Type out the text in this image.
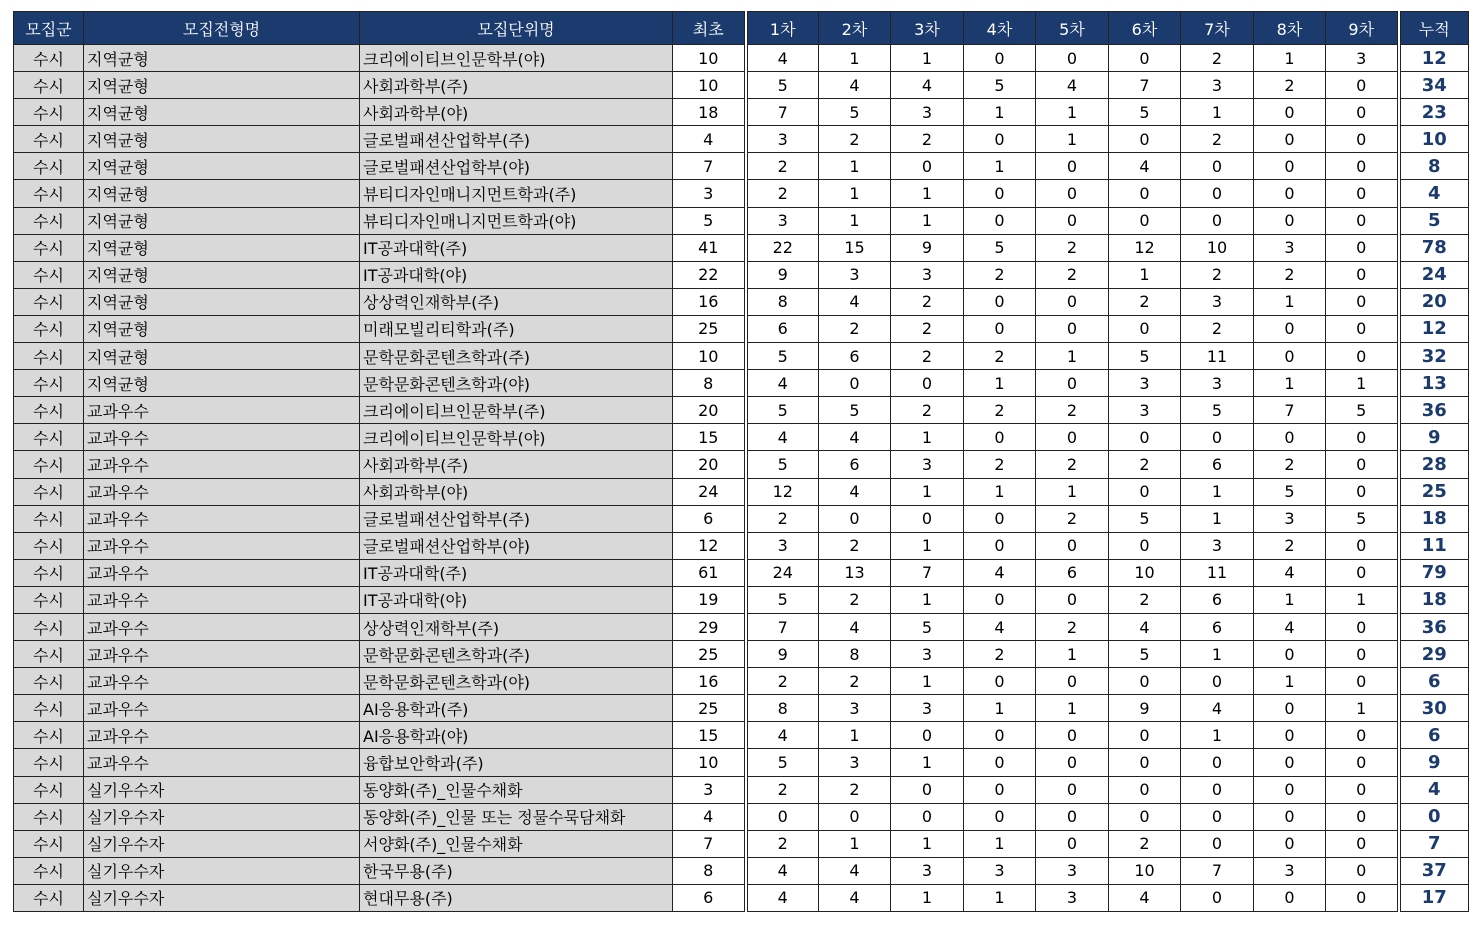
모집군	모집전형명	모집단위명	최초	1차	2차	3차	4차	5차	6차	7차	8차	9차	누적
수시	지역균형	크리에이티브인문학부(야)	10	4	1	1	0	0	0	2	1	3	12
수시	지역균형	사회과학부(주)	10	5	4	4	5	4	7	3	2	0	34
수시	지역균형	사회과학부(야)	18	7	5	3	1	1	5	1	0	0	23
수시	지역균형	글로벌패션산업학부(주)	4	3	2	2	0	1	0	2	0	0	10
수시	지역균형	글로벌패션산업학부(야)	7	2	1	0	1	0	4	0	0	0	8
수시	지역균형	뷰티디자인매니지먼트학과(주)	3	2	1	1	0	0	0	0	0	0	4
수시	지역균형	뷰티디자인매니지먼트학과(야)	5	3	1	1	0	0	0	0	0	0	5
수시	지역균형	IT공과대학(주)	41	22	15	9	5	2	12	10	3	0	78
수시	지역균형	IT공과대학(야)	22	9	3	3	2	2	1	2	2	0	24
수시	지역균형	상상력인재학부(주)	16	8	4	2	0	0	2	3	1	0	20
수시	지역균형	미래모빌리티학과(주)	25	6	2	2	0	0	0	2	0	0	12
수시	지역균형	문학문화콘텐츠학과(주)	10	5	6	2	2	1	5	11	0	0	32
수시	지역균형	문학문화콘텐츠학과(야)	8	4	0	0	1	0	3	3	1	1	13
수시	교과우수	크리에이티브인문학부(주)	20	5	5	2	2	2	3	5	7	5	36
수시	교과우수	크리에이티브인문학부(야)	15	4	4	1	0	0	0	0	0	0	9
수시	교과우수	사회과학부(주)	20	5	6	3	2	2	2	6	2	0	28
수시	교과우수	사회과학부(야)	24	12	4	1	1	1	0	1	5	0	25
수시	교과우수	글로벌패션산업학부(주)	6	2	0	0	0	2	5	1	3	5	18
수시	교과우수	글로벌패션산업학부(야)	12	3	2	1	0	0	0	3	2	0	11
수시	교과우수	IT공과대학(주)	61	24	13	7	4	6	10	11	4	0	79
수시	교과우수	IT공과대학(야)	19	5	2	1	0	0	2	6	1	1	18
수시	교과우수	상상력인재학부(주)	29	7	4	5	4	2	4	6	4	0	36
수시	교과우수	문학문화콘텐츠학과(주)	25	9	8	3	2	1	5	1	0	0	29
수시	교과우수	문학문화콘텐츠학과(야)	16	2	2	1	0	0	0	0	1	0	6
수시	교과우수	AI응용학과(주)	25	8	3	3	1	1	9	4	0	1	30
수시	교과우수	AI응용학과(야)	15	4	1	0	0	0	0	1	0	0	6
수시	교과우수	융합보안학과(주)	10	5	3	1	0	0	0	0	0	0	9
수시	실기우수자	동양화(주)_인물수채화	3	2	2	0	0	0	0	0	0	0	4
수시	실기우수자	동양화(주)_인물 또는 정물수묵담채화	4	0	0	0	0	0	0	0	0	0	0
수시	실기우수자	서양화(주)_인물수채화	7	2	1	1	1	0	2	0	0	0	7
수시	실기우수자	한국무용(주)	8	4	4	3	3	3	10	7	3	0	37
수시	실기우수자	현대무용(주)	6	4	4	1	1	3	4	0	0	0	17
